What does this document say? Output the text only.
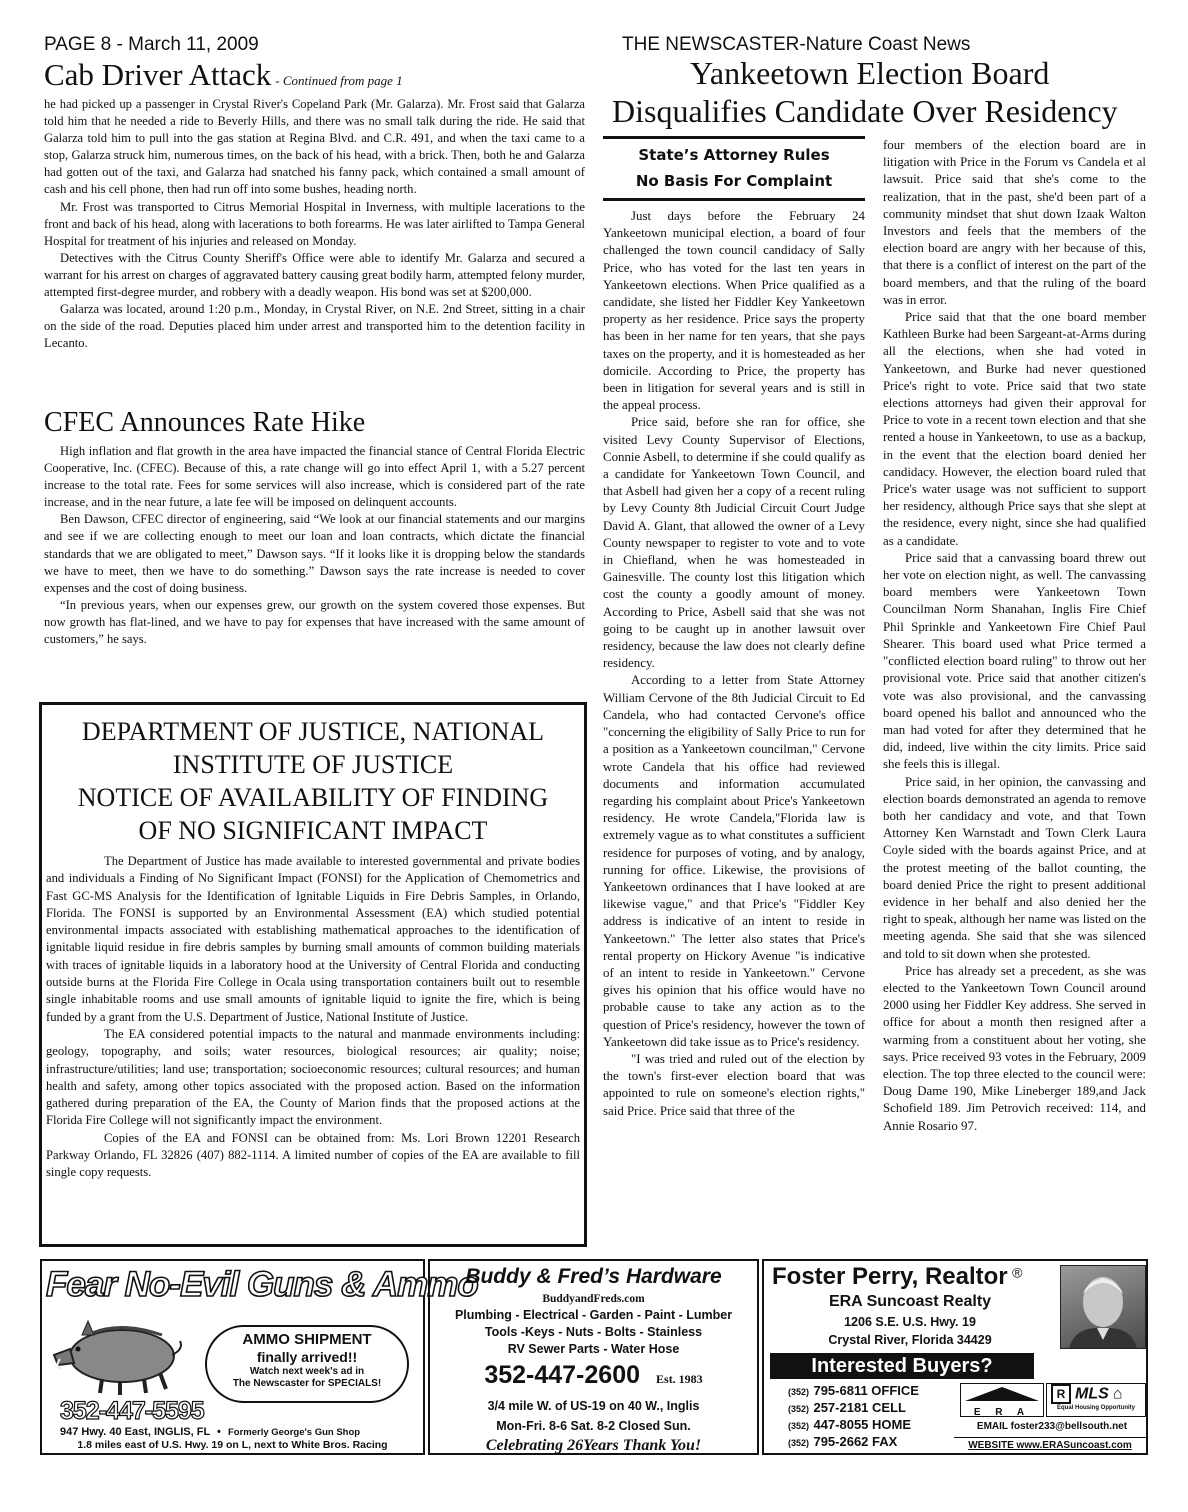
PAGE 8 - March 11, 2009	THE NEWSCASTER-Nature Coast News
Cab Driver Attack - Continued from page 1

he had picked up a passenger in Crystal River's Copeland Park (Mr. Galarza). Mr. Frost said that Galarza told him that he needed a ride to Beverly Hills, and there was no small talk during the ride. He said that Galarza told him to pull into the gas station at Regina Blvd. and C.R. 491, and when the taxi came to a stop, Galarza struck him, numerous times, on the back of his head, with a brick. Then, both he and Galarza had gotten out of the taxi, and Galarza had snatched his fanny pack, which contained a small amount of cash and his cell phone, then had run off into some bushes, heading north.

Mr. Frost was transported to Citrus Memorial Hospital in Inverness, with multiple lacerations to the front and back of his head, along with lacerations to both forearms. He was later airlifted to Tampa General Hospital for treatment of his injuries and released on Monday.

Detectives with the Citrus County Sheriff's Office were able to identify Mr. Galarza and secured a warrant for his arrest on charges of aggravated battery causing great bodily harm, attempted felony murder, attempted first-degree murder, and robbery with a deadly weapon. His bond was set at $200,000.

Galarza was located, around 1:20 p.m., Monday, in Crystal River, on N.E. 2nd Street, sitting in a chair on the side of the road. Deputies placed him under arrest and transported him to the detention facility in Lecanto.

CFEC Announces Rate Hike

High inflation and flat growth in the area have impacted the financial stance of Central Florida Electric Cooperative, Inc. (CFEC). Because of this, a rate change will go into effect April 1, with a 5.27 percent increase to the total rate. Fees for some services will also increase, which is considered part of the rate increase, and in the near future, a late fee will be imposed on delinquent accounts.

Ben Dawson, CFEC director of engineering, said “We look at our financial statements and our margins and see if we are collecting enough to meet our loan and loan contracts, which dictate the financial standards that we are obligated to meet,” Dawson says. “If it looks like it is dropping below the standards we have to meet, then we have to do something.” Dawson says the rate increase is needed to cover expenses and the cost of doing business.

“In previous years, when our expenses grew, our growth on the system covered those expenses. But now growth has flat-lined, and we have to pay for expenses that have increased with the same amount of customers,” he says.

DEPARTMENT OF JUSTICE, NATIONAL
INSTITUTE OF JUSTICE
NOTICE OF AVAILABILITY OF FINDING
OF NO SIGNIFICANT IMPACT

The Department of Justice has made available to interested governmental and private bodies and individuals a Finding of No Significant Impact (FONSI) for the Application of Chemometrics and Fast GC-MS Analysis for the Identification of Ignitable Liquids in Fire Debris Samples, in Orlando, Florida. The FONSI is supported by an Environmental Assessment (EA) which studied potential environmental impacts associated with establishing mathematical approaches to the identification of ignitable liquid residue in fire debris samples by burning small amounts of common building materials with traces of ignitable liquids in a laboratory hood at the University of Central Florida and conducting outside burns at the Florida Fire College in Ocala using transportation containers built out to resemble single inhabitable rooms and use small amounts of ignitable liquid to ignite the fire, which is being funded by a grant from the U.S. Department of Justice, National Institute of Justice.

The EA considered potential impacts to the natural and manmade environments including: geology, topography, and soils; water resources, biological resources; air quality; noise; infrastructure/utilities; land use; transportation; socioeconomic resources; cultural resources; and human health and safety, among other topics associated with the proposed action. Based on the information gathered during preparation of the EA, the County of Marion finds that the proposed actions at the Florida Fire College will not significantly impact the environment.

Copies of the EA and FONSI can be obtained from: Ms. Lori Brown 12201 Research Parkway Orlando, FL 32826 (407) 882-1114. A limited number of copies of the EA are available to fill single copy requests.

Yankeetown Election Board
Disqualifies Candidate Over Residency
State’s Attorney Rules
No Basis For Complaint

Just days before the February 24 Yankeetown municipal election, a board of four challenged the town council candidacy of Sally Price, who has voted for the last ten years in Yankeetown elections. When Price qualified as a candidate, she listed her Fiddler Key Yankeetown property as her residence. Price says the property has been in her name for ten years, that she pays taxes on the property, and it is homesteaded as her domicile. According to Price, the property has been in litigation for several years and is still in the appeal process.

Price said, before she ran for office, she visited Levy County Supervisor of Elections, Connie Asbell, to determine if she could qualify as a candidate for Yankeetown Town Council, and that Asbell had given her a copy of a recent ruling by Levy County 8th Judicial Circuit Court Judge David A. Glant, that allowed the owner of a Levy County newspaper to register to vote and to vote in Chiefland, when he was homesteaded in Gainesville. The county lost this litigation which cost the county a goodly amount of money. According to Price, Asbell said that she was not going to be caught up in another lawsuit over residency, because the law does not clearly define residency.

According to a letter from State Attorney William Cervone of the 8th Judicial Circuit to Ed Candela, who had contacted Cervone's office "concerning the eligibility of Sally Price to run for a position as a Yankeetown councilman," Cervone wrote Candela that his office had reviewed documents and information accumulated regarding his complaint about Price's Yankeetown residency. He wrote Candela,"Florida law is extremely vague as to what constitutes a sufficient residence for purposes of voting, and by analogy, running for office. Likewise, the provisions of Yankeetown ordinances that I have looked at are likewise vague," and that Price's "Fiddler Key address is indicative of an intent to reside in Yankeetown." The letter also states that Price's rental property on Hickory Avenue "is indicative of an intent to reside in Yankeetown." Cervone gives his opinion that his office would have no probable cause to take any action as to the question of Price's residency, however the town of Yankeetown did take issue as to Price's residency.

"I was tried and ruled out of the election by the town's first-ever election board that was appointed to rule on someone's election rights," said Price. Price said that three of the

four members of the election board are in litigation with Price in the Forum vs Candela et al lawsuit. Price said that she's come to the realization, that in the past, she'd been part of a community mindset that shut down Izaak Walton Investors and feels that the members of the election board are angry with her because of this, that there is a conflict of interest on the part of the board members, and that the ruling of the board was in error.

Price said that that the one board member Kathleen Burke had been Sargeant-at-Arms during all the elections, when she had voted in Yankeetown, and Burke had never questioned Price's right to vote. Price said that two state elections attorneys had given their approval for Price to vote in a recent town election and that she rented a house in Yankeetown, to use as a backup, in the event that the election board denied her candidacy. However, the election board ruled that Price's water usage was not sufficient to support her residency, although Price says that she slept at the residence, every night, since she had qualified as a candidate.

Price said that a canvassing board threw out her vote on election night, as well. The canvassing board members were Yankeetown Town Councilman Norm Shanahan, Inglis Fire Chief Phil Sprinkle and Yankeetown Fire Chief Paul Shearer. This board used what Price termed a "conflicted election board ruling" to throw out her provisional vote. Price said that another citizen's vote was also provisional, and the canvassing board opened his ballot and announced who the man had voted for after they determined that he did, indeed, live within the city limits. Price said she feels this is illegal.

Price said, in her opinion, the canvassing and election boards demonstrated an agenda to remove both her candidacy and vote, and that Town Attorney Ken Warnstadt and Town Clerk Laura Coyle sided with the boards against Price, and at the protest meeting of the ballot counting, the board denied Price the right to present additional evidence in her behalf and also denied her the right to speak, although her name was listed on the meeting agenda. She said that she was silenced and told to sit down when she protested.

Price has already set a precedent, as she was elected to the Yankeetown Town Council around 2000 using her Fiddler Key address. She served in office for about a month then resigned after a warming from a constituent about her voting, she says. Price received 93 votes in the February, 2009 election. The top three elected to the council were: Doug Dame 190, Mike Lineberger 189,and Jack Schofield 189. Jim Petrovich received: 114, and Annie Rosario 97.

Fear No-Evil Guns & Ammo
AMMO SHIPMENT
finally arrived!!
Watch next week's ad in
The Newscaster for SPECIALS!
352-447-5595
947 Hwy. 40 East, INGLIS, FL • Formerly George's Gun Shop
1.8 miles east of U.S. Hwy. 19 on L, next to White Bros. Racing
Buddy & Fred’s Hardware
BuddyandFreds.com
Plumbing - Electrical - Garden - Paint - Lumber
Tools -Keys - Nuts - Bolts - Stainless
RV Sewer Parts - Water Hose
352-447-2600 Est. 1983
3/4 mile W. of US-19 on 40 W., Inglis
Mon-Fri. 8-6 Sat. 8-2 Closed Sun.
Celebrating 26Years Thank You!
Foster Perry, Realtor ®
ERA Suncoast Realty
1206 S.E. U.S. Hwy. 19
Crystal River, Florida 34429
Interested Buyers?
(352) 795-6811 OFFICE
(352) 257-2181 CELL
(352) 447-8055 HOME
(352) 795-2662 FAX
E R A
R MLS ⌂
Equal Housing Opportunity
EMAIL foster233@bellsouth.net
WEBSITE www.ERASuncoast.com
